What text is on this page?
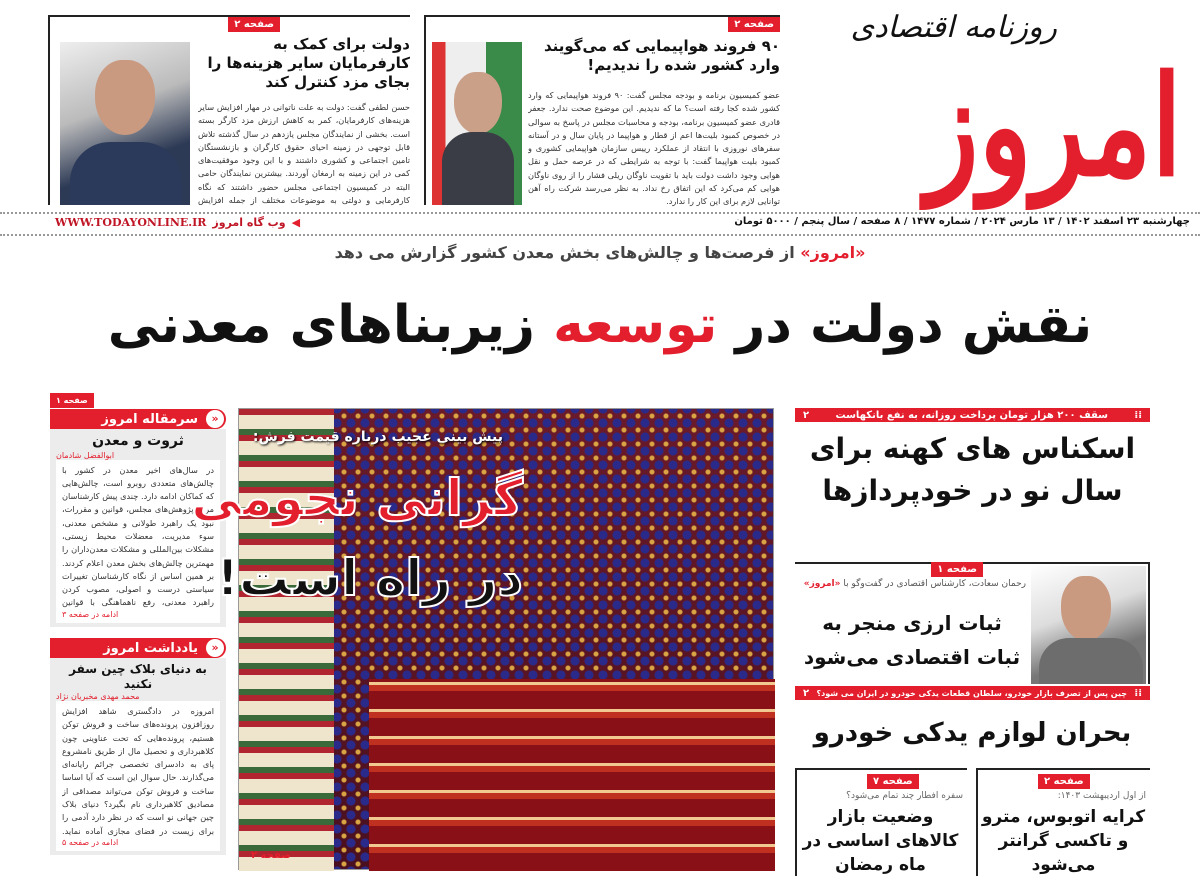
روزنامه اقتصادی
امروز
صفحه ۲
۹۰ فروند هواپیمایی که می‌گویند وارد کشور شده را ندیدیم!
عضو کمیسیون برنامه و بودجه مجلس گفت: ۹۰ فروند هواپیمایی که وارد کشور شده کجا رفته است؟ ما که ندیدیم. این موضوع صحت ندارد. جعفر قادری عضو کمیسیون برنامه، بودجه و محاسبات مجلس در پاسخ به سوالی در خصوص کمبود بلیت‌ها اعم از قطار و هواپیما در پایان سال و در آستانه سفرهای نوروزی با انتقاد از عملکرد رییس سازمان هواپیمایی کشوری و کمبود بلیت هواپیما گفت: با توجه به شرایطی که در عرصه حمل و نقل هوایی وجود داشت دولت باید با تقویت ناوگان ریلی فشار را از روی ناوگان هوایی کم می‌کرد که این اتفاق رخ نداد. به نظر می‌رسد شرکت راه آهن توانایی لازم برای این کار را ندارد.
صفحه ۲
دولت برای کمک به کارفرمایان سایر هزینه‌ها را بجای مزد کنترل کند
حسن لطفی گفت: دولت به علت ناتوانی در مهار افزایش سایر هزینه‌های کارفرمایان، کمر به کاهش ارزش مزد کارگر بسته است. بخشی از نمایندگان مجلس یازدهم در سال گذشته تلاش قابل توجهی در زمینه احیای حقوق کارگران و بازنشستگان تامین اجتماعی و کشوری داشتند و با این وجود موفقیت‌های کمی در این زمینه به ارمغان آوردند. بیشترین نمایندگان حامی البته در کمیسیون اجتماعی مجلس حضور داشتند که نگاه کارفرمایی و دولتی به موضوعات مختلف از جمله افزایش
چهارشنبه ۲۳ اسفند ۱۴۰۲ / ۱۳ مارس ۲۰۲۴ / شماره ۱۴۷۷ / ۸ صفحه / سال پنجم / ۵۰۰۰ تومان
WWW.TODAYONLINE.IR وب گاه امروز ◀
«امروز» از فرصت‌ها و چالش‌های بخش معدن کشور گزارش می دهد
نقش دولت در توسعه زیربناهای معدنی
صفحه ۱
«
سرمقاله امروز
ثروت و معدن
ابوالفضل شادمان
در سال‌های اخیر معدن در کشور با چالش‌های متعددی روبرو است، چالش‌هایی که کماکان ادامه دارد. چندی پیش کارشناسان مرکز پژوهش‌های مجلس، قوانین و مقررات، نبود یک راهبرد طولانی و مشخص معدنی، سوء مدیریت، معضلات محیط زیستی، مشکلات بین‌المللی و مشکلات معدن‌داران را مهمترین چالش‌های بخش معدن اعلام کردند. بر همین اساس از نگاه کارشناسان تغییرات سیاستی درست و اصولی، مصوب کردن راهبرد معدنی، رفع ناهماهنگی با قوانین
ادامه در صفحه ۳
«
یادداشت امروز
به دنیای بلاک چین سفر نکنید
محمد مهدی مخبریان نژاد
امروزه در دادگستری شاهد افزایش روزافزون پرونده‌های ساخت و فروش توکن هستیم، پرونده‌هایی که تحت عناوینی چون کلاهبرداری و تحصیل مال از طریق نامشروع پای به دادسرای تخصصی جرائم رایانه‌ای می‌گذارند. حال سوال این است که آیا اساسا ساخت و فروش توکن می‌تواند مصداقی از مصادیق کلاهبرداری نام بگیرد؟ دنیای بلاک چین جهانی نو است که در نظر دارد آدمی را برای زیست در فضای مجازی آماده نماید.
ادامه در صفحه ۵
پیش بینی عجیب درباره قیمت فرش:
گرانی نجومی
در راه است!
صفحه ۲
⁞⁞
سقف ۲۰۰ هزار تومان پرداخت روزانه، به نفع بانکهاست
۲
اسکناس های کهنه برای سال نو در خودپردازها
صفحه ۱
رحمان سعادت، کارشناس اقتصادی در گفت‌وگو با «امروز»
ثبات ارزی منجر به ثبات اقتصادی می‌شود
⁞⁞
چین پس از تصرف بازار خودرو، سلطان قطعات یدکی خودرو در ایران می شود؟
۲
بحران لوازم یدکی خودرو
صفحه ۲
از اول اردیبهشت ۱۴۰۳:
کرایه اتوبوس، مترو و تاکسی گرانتر می‌شود
صفحه ۷
سفره افطار چند تمام می‌شود؟
وضعیت بازار کالاهای اساسی در ماه رمضان
